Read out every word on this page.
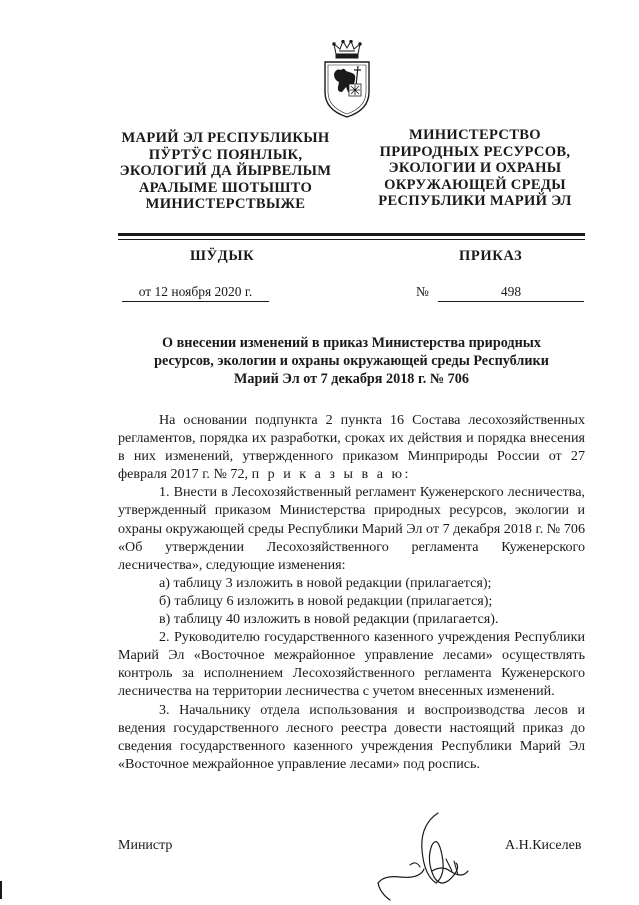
МАРИЙ ЭЛ РЕСПУБЛИКЫН
ПӰРТӰС ПОЯНЛЫК,
ЭКОЛОГИЙ ДА ЙЫРВЕЛЫМ
АРАЛЫМЕ ШОТЫШТО
МИНИСТЕРСТВЫЖЕ
МИНИСТЕРСТВО
ПРИРОДНЫХ РЕСУРСОВ,
ЭКОЛОГИИ И ОХРАНЫ
ОКРУЖАЮЩЕЙ СРЕДЫ
РЕСПУБЛИКИ МАРИЙ ЭЛ
ШӰДЫК	ПРИКАЗ
от 12 ноября 2020 г.	№	498
О внесении изменений в приказ Министерства природных
ресурсов, экологии и охраны окружающей среды Республики
Марий Эл от 7 декабря 2018 г. № 706

На основании подпункта 2 пункта 16 Состава лесохозяйственных регламентов, порядка их разработки, сроках их действия и порядка внесения в них изменений, утвержденного приказом Минприроды России от 27 февраля 2017 г. № 72, п р и к а з ы в а ю:

1. Внести в Лесохозяйственный регламент Куженерского лесничества, утвержденный приказом Министерства природных ресурсов, экологии и охраны окружающей среды Республики Марий Эл от 7 декабря 2018 г. № 706 «Об утверждении Лесохозяйственного регламента Куженерского лесничества», следующие изменения:

а) таблицу 3 изложить в новой редакции (прилагается);

б) таблицу 6 изложить в новой редакции (прилагается);

в) таблицу 40 изложить в новой редакции (прилагается).

2. Руководителю государственного казенного учреждения Республики Марий Эл «Восточное межрайонное управление лесами» осуществлять контроль за исполнением Лесохозяйственного регламента Куженерского лесничества на территории лесничества с учетом внесенных изменений.

3. Начальнику отдела использования и воспроизводства лесов и ведения государственного лесного реестра довести настоящий приказ до сведения государственного казенного учреждения Республики Марий Эл «Восточное межрайонное управление лесами» под роспись.

Министр	А.Н.Киселев
